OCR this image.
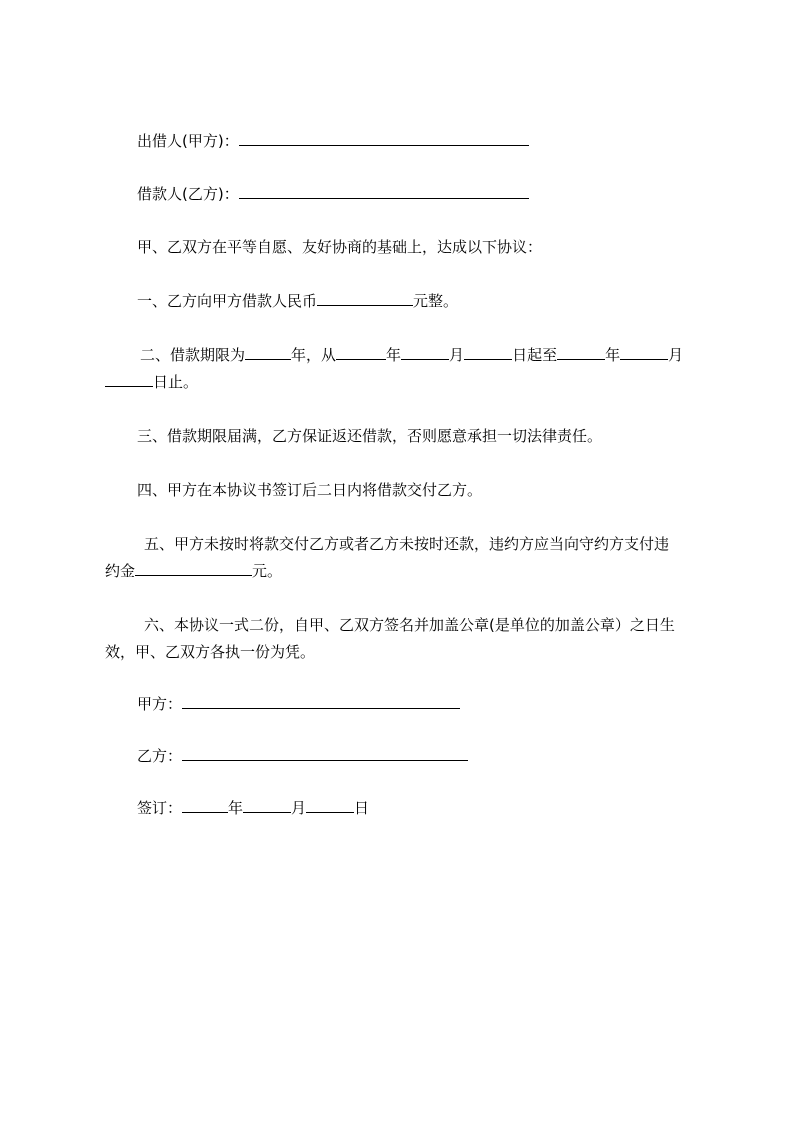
出借人(甲方)：
借款人(乙方)：
甲、乙双方在平等自愿、友好协商的基础上，达成以下协议：
一、乙方向甲方借款人民币	元整。
二、借款期限为	年，从	年	月	日起至	年	月
日止。
三、借款期限届满，乙方保证返还借款，否则愿意承担一切法律责任。
四、甲方在本协议书签订后二日内将借款交付乙方。
五、甲方未按时将款交付乙方或者乙方未按时还款，违约方应当向守约方支付违
约金	元。
六、本协议一式二份，自甲、乙双方签名并加盖公章(是单位的加盖公章）之日生
效，甲、乙双方各执一份为凭。
甲方：
乙方：
签订：	年	月	日
